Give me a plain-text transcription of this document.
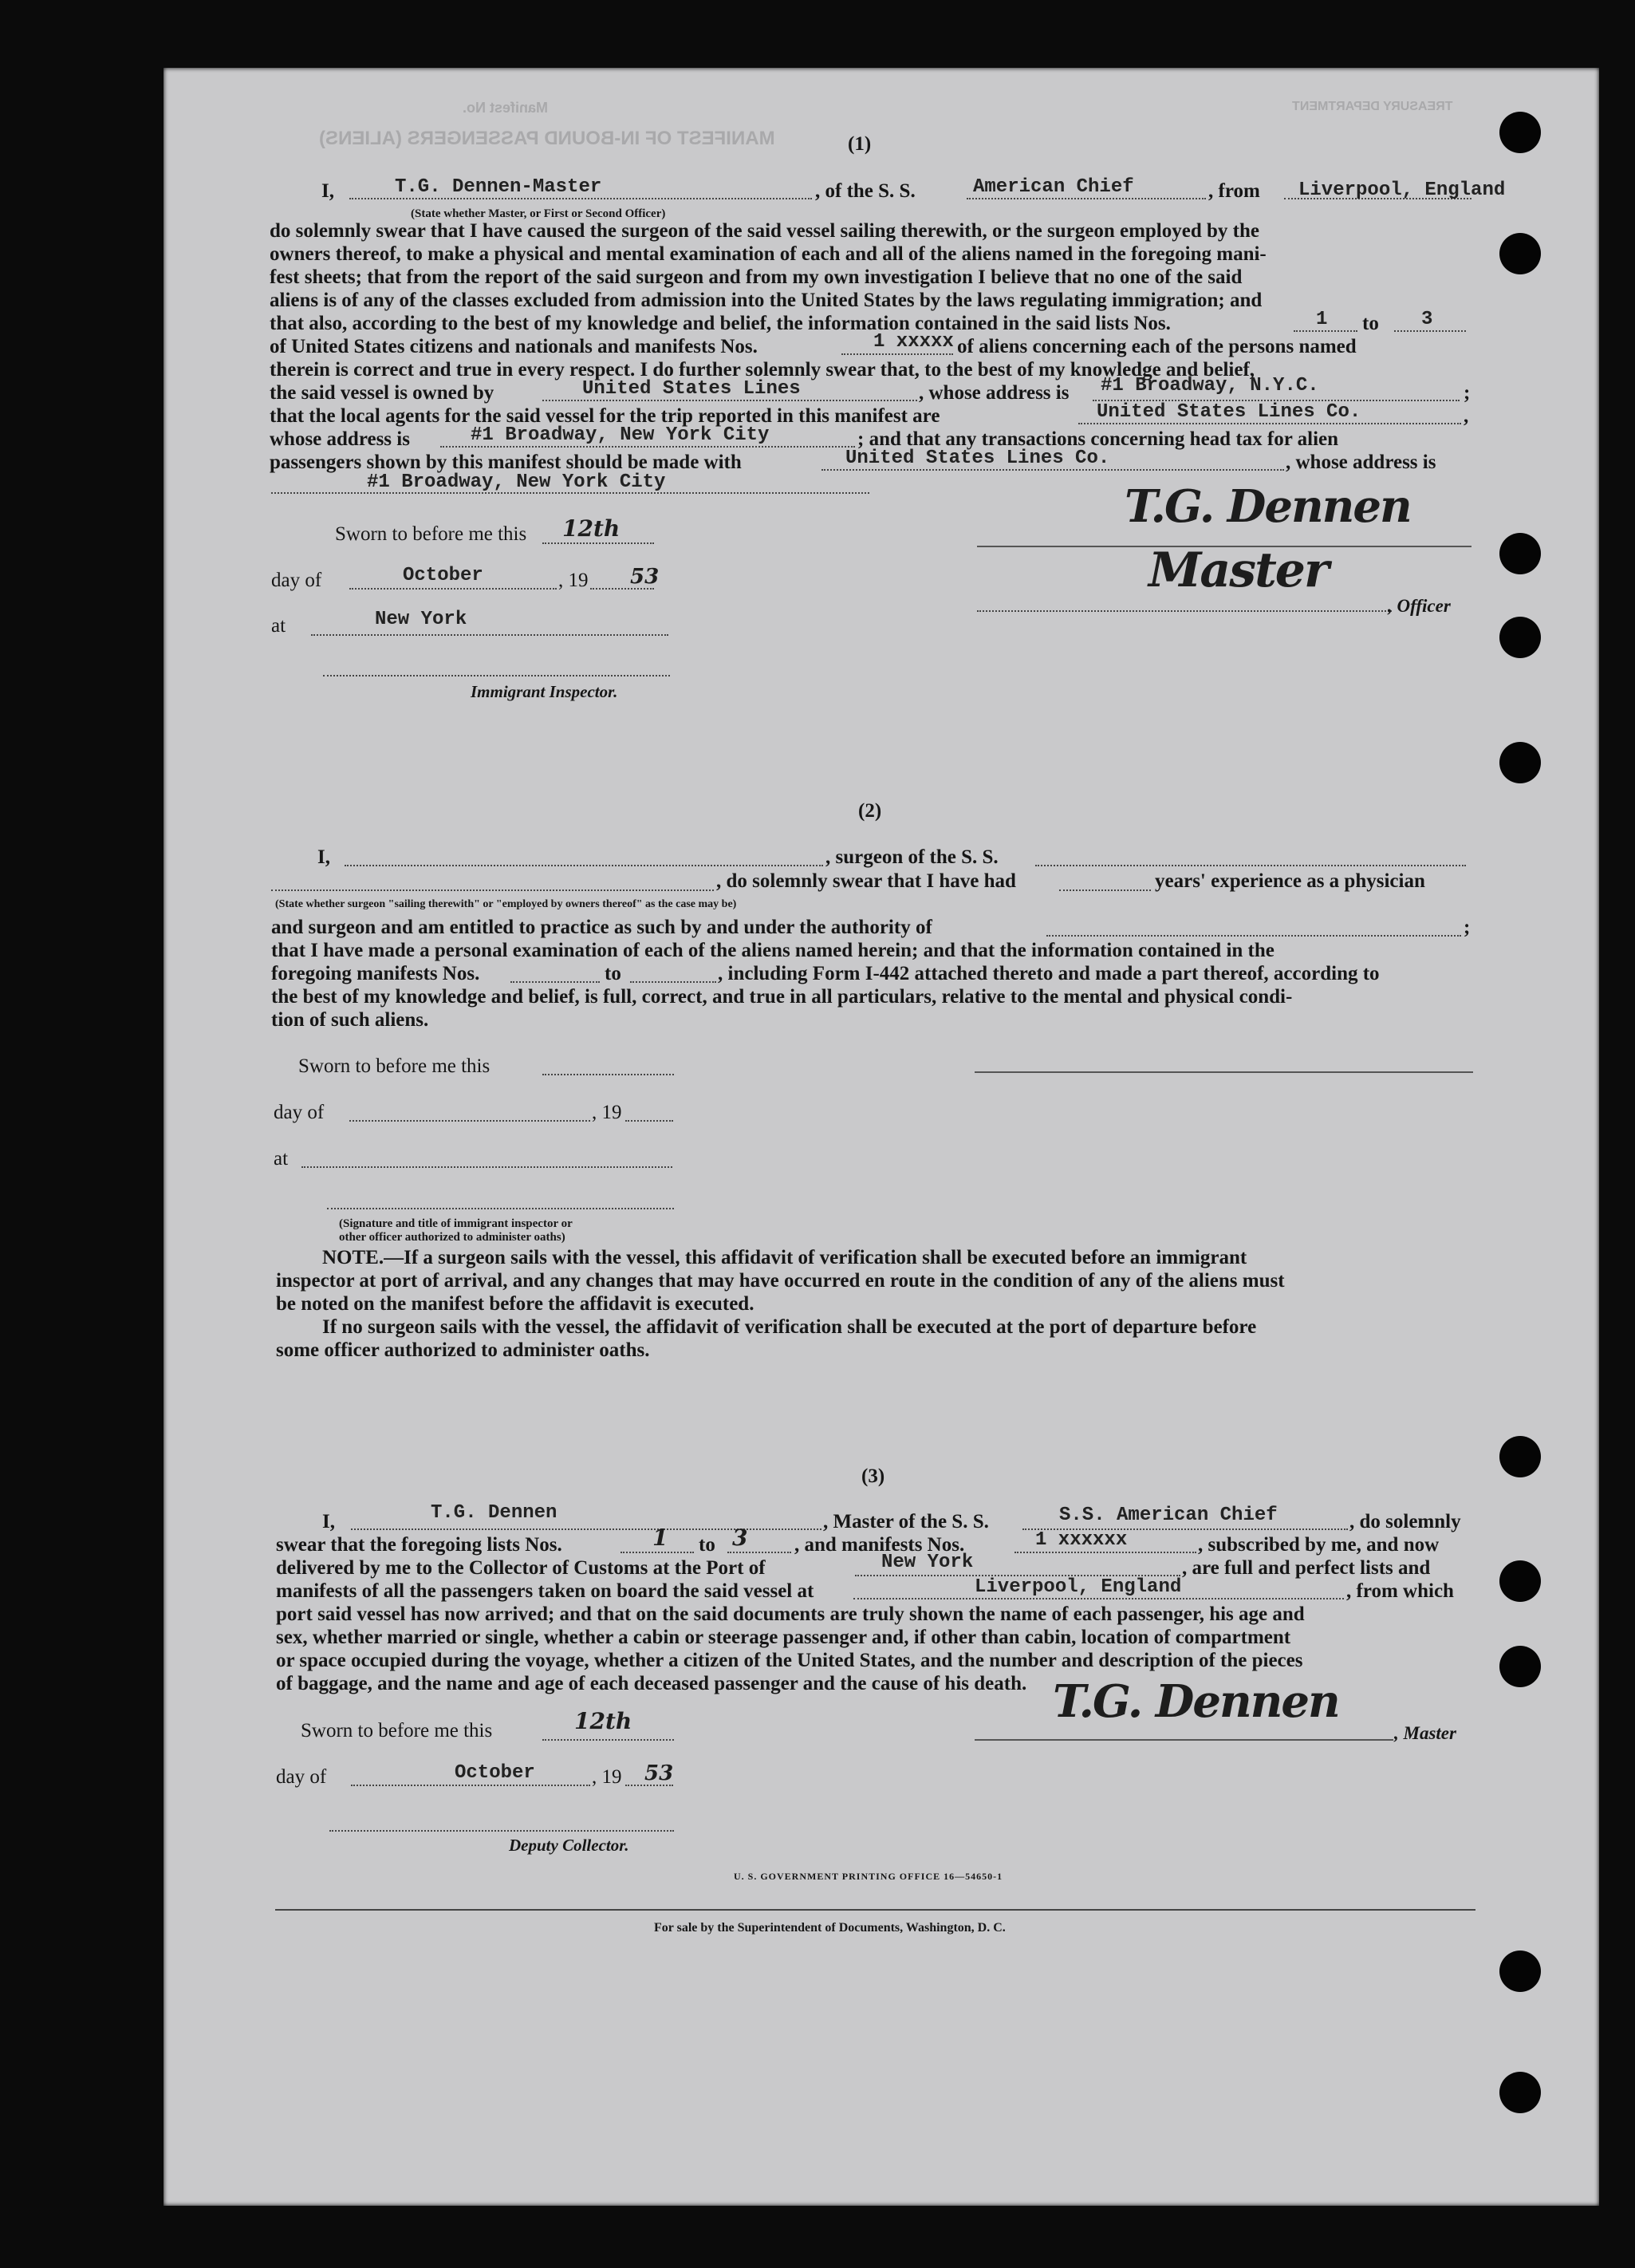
MANIFEST OF IN-BOUND PASSENGERS (ALIENS)
Manifest No.	TREASURY DEPARTMENT
(1)
I,	T.G. Dennen-Master	, of the S. S.	American Chief	, from Liverpool, England
(State whether Master, or First or Second Officer)
do solemnly swear that I have caused the surgeon of the said vessel sailing therewith, or the surgeon employed by the
owners thereof, to make a physical and mental examination of each and all of the aliens named in the foregoing mani-
fest sheets; that from the report of the said surgeon and from my own investigation I believe that no one of the said
aliens is of any of the classes excluded from admission into the United States by the laws regulating immigration; and
that also, according to the best of my knowledge and belief, the information contained in the said lists Nos.	1 to 3
of United States citizens and nationals and manifests Nos.	1 xxxxx of aliens concerning each of the persons named
therein is correct and true in every respect. I do further solemnly swear that, to the best of my knowledge and belief,
the said vessel is owned by	United States Lines	, whose address is #1 Broadway, N.Y.C.	;
that the local agents for the said vessel for the trip reported in this manifest are	United States Lines Co.	,
whose address is	#1 Broadway, New York City	; and that any transactions concerning head tax for alien
passengers shown by this manifest should be made with	United States Lines Co.	, whose address is
#1 Broadway, New York City
Sworn to before me this 12th
day of	October	, 19 53
at	New York
Immigrant Inspector.
T.G. Dennen
Master
, Officer
(2)
I,	, surgeon of the S. S.
, do solemnly swear that I have had	years' experience as a physician
(State whether surgeon "sailing therewith" or "employed by owners thereof" as the case may be)
and surgeon and am entitled to practice as such by and under the authority of	;
that I have made a personal examination of each of the aliens named herein; and that the information contained in the
foregoing manifests Nos.	to	, including Form I-442 attached thereto and made a part thereof, according to
the best of my knowledge and belief, is full, correct, and true in all particulars, relative to the mental and physical condi-
tion of such aliens.
Sworn to before me this
day of	, 19
at
(Signature and title of immigrant inspector or
other officer authorized to administer oaths)
NOTE.—If a surgeon sails with the vessel, this affidavit of verification shall be executed before an immigrant
inspector at port of arrival, and any changes that may have occurred en route in the condition of any of the aliens must
be noted on the manifest before the affidavit is executed.
If no surgeon sails with the vessel, the affidavit of verification shall be executed at the port of departure before
some officer authorized to administer oaths.
(3)
I,	T.G. Dennen	, Master of the S. S.	S.S. American Chief	, do solemnly
swear that the foregoing lists Nos.	1 to 3 , and manifests Nos.	1 xxxxxx	, subscribed by me, and now
delivered by me to the Collector of Customs at the Port of	New York	, are full and perfect lists and
manifests of all the passengers taken on board the said vessel at	Liverpool, England	, from which
port said vessel has now arrived; and that on the said documents are truly shown the name of each passenger, his age and
sex, whether married or single, whether a cabin or steerage passenger and, if other than cabin, location of compartment
or space occupied during the voyage, whether a citizen of the United States, and the number and description of the pieces
of baggage, and the name and age of each deceased passenger and the cause of his death.
Sworn to before me this	12th	T.G. Dennen
, Master
day of	October	, 19 53
Deputy Collector.
U. S. GOVERNMENT PRINTING OFFICE 16—54650-1
For sale by the Superintendent of Documents, Washington, D. C.
